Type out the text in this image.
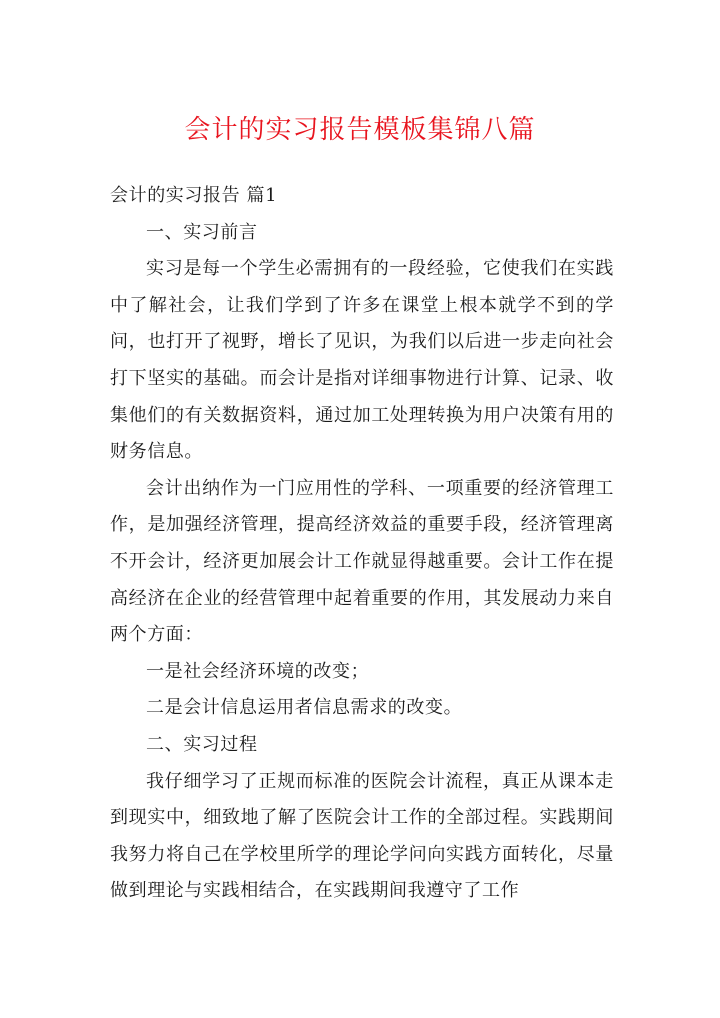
会计的实习报告模板集锦八篇

会计的实习报告 篇1

一、实习前言

实习是每一个学生必需拥有的一段经验，它使我们在实践中了解社会，让我们学到了许多在课堂上根本就学不到的学问，也打开了视野，增长了见识，为我们以后进一步走向社会打下坚实的基础。而会计是指对详细事物进行计算、记录、收集他们的有关数据资料，通过加工处理转换为用户决策有用的财务信息。

会计出纳作为一门应用性的学科、一项重要的经济管理工作，是加强经济管理，提高经济效益的重要手段，经济管理离不开会计，经济更加展会计工作就显得越重要。会计工作在提高经济在企业的经营管理中起着重要的作用，其发展动力来自两个方面：

一是社会经济环境的改变；

二是会计信息运用者信息需求的改变。

二、实习过程

我仔细学习了正规而标准的医院会计流程，真正从课本走到现实中，细致地了解了医院会计工作的全部过程。实践期间我努力将自己在学校里所学的理论学问向实践方面转化，尽量做到理论与实践相结合，在实践期间我遵守了工作
